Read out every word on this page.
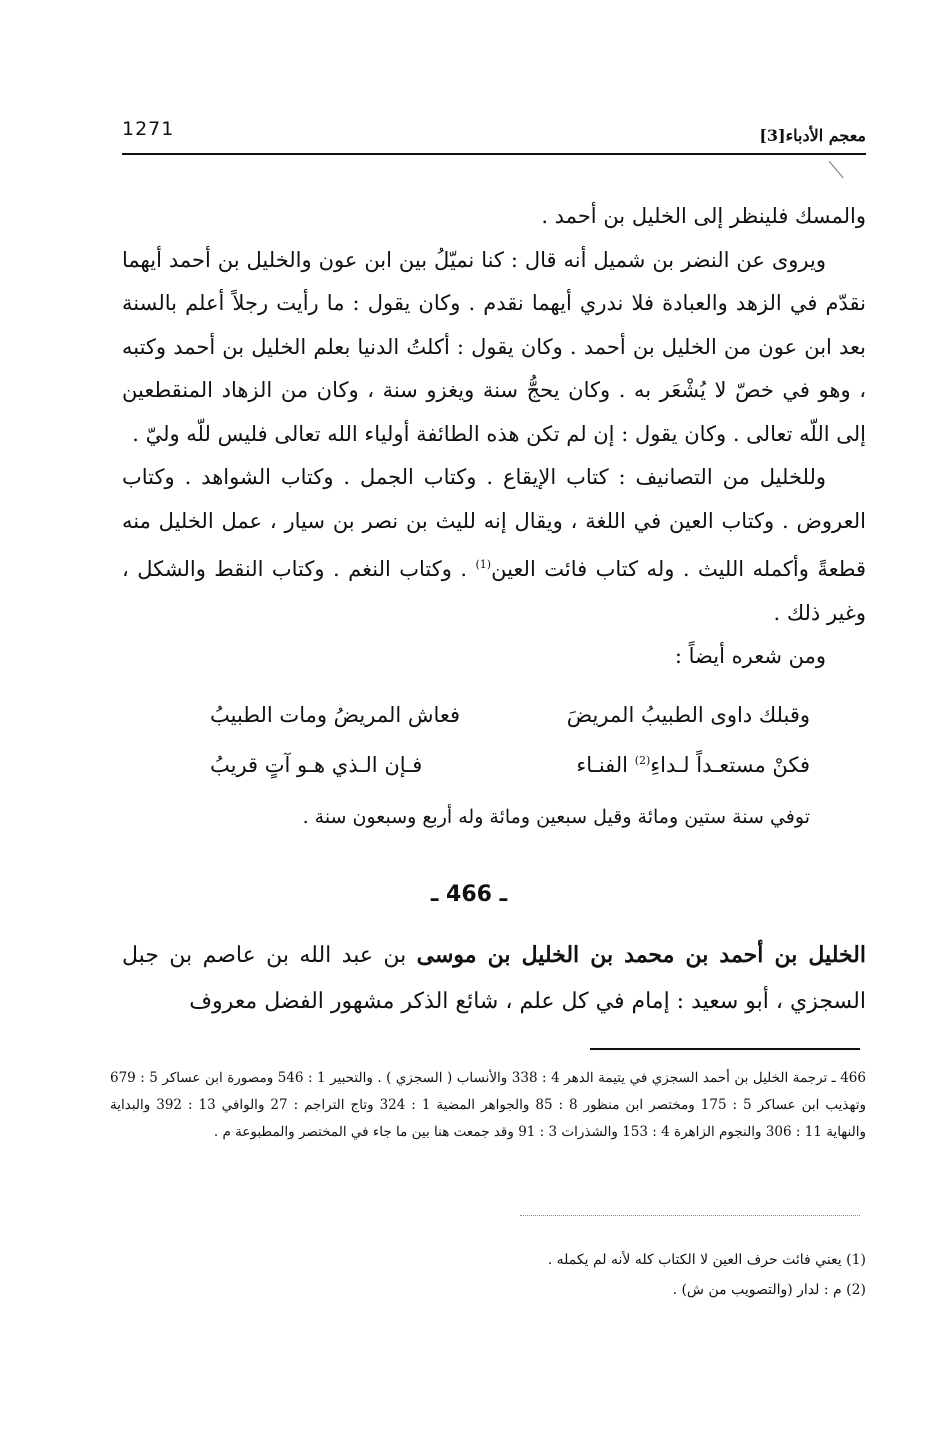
1271	معجم الأدباء[3]

والمسك فلينظر إلى الخليل بن أحمد .

ويروى عن النضر بن شميل أنه قال : كنا نميّلُ بين ابن عون والخليل بن أحمد أيهما نقدّم في الزهد والعبادة فلا ندري أيهما نقدم . وكان يقول : ما رأيت رجلاً أعلم بالسنة بعد ابن عون من الخليل بن أحمد . وكان يقول : أكلتُ الدنيا بعلم الخليل بن أحمد وكتبه ، وهو في خصّ لا يُشْعَر به . وكان يحجُّ سنة ويغزو سنة ، وكان من الزهاد المنقطعين إلى اللّه تعالى . وكان يقول : إن لم تكن هذه الطائفة أولياء الله تعالى فليس للّه وليّ .

وللخليل من التصانيف : كتاب الإيقاع . وكتاب الجمل . وكتاب الشواهد . وكتاب العروض . وكتاب العين في اللغة ، ويقال إنه لليث بن نصر بن سيار ، عمل الخليل منه قطعةً وأكمله الليث . وله كتاب فائت العين$^{(1)}$ . وكتاب النغم . وكتاب النقط والشكل ، وغير ذلك .

ومن شعره أيضاً :

وقبلك داوى الطبيبُ المريضَ
فعاش المريضُ ومات الطبيبُ
فكنْ مستعـداً لـداءِ$^{(2)}$ الفنـاء
فـإن الـذي هـو آتٍ قريبُ
توفي سنة ستين ومائة وقيل سبعين ومائة وله أربع وسبعون سنة .
ـ 466 ـ

الخليل بن أحمد بن محمد بن الخليل بن موسى بن عبد الله بن عاصم بن جبل السجزي ، أبو سعيد : إمام في كل علم ، شائع الذكر مشهور الفضل معروف

466 ـ ترجمة الخليل بن أحمد السجزي في يتيمة الدهر 4 : 338 والأنساب ( السجزي ) . والتحبير 1 : 546 ومصورة ابن عساكر 5 : 679 وتهذيب ابن عساكر 5 : 175 ومختصر ابن منظور 8 : 85 والجواهر المضية 1 : 324 وتاج التراجم : 27 والوافي 13 : 392 والبداية والنهاية 11 : 306 والنجوم الزاهرة 4 : 153 والشذرات 3 : 91 وقد جمعت هنا بين ما جاء في المختصر والمطبوعة م .

(1) يعني فائت حرف العين لا الكتاب كله لأنه لم يكمله .

(2) م : لدار (والتصويب من ش) .
